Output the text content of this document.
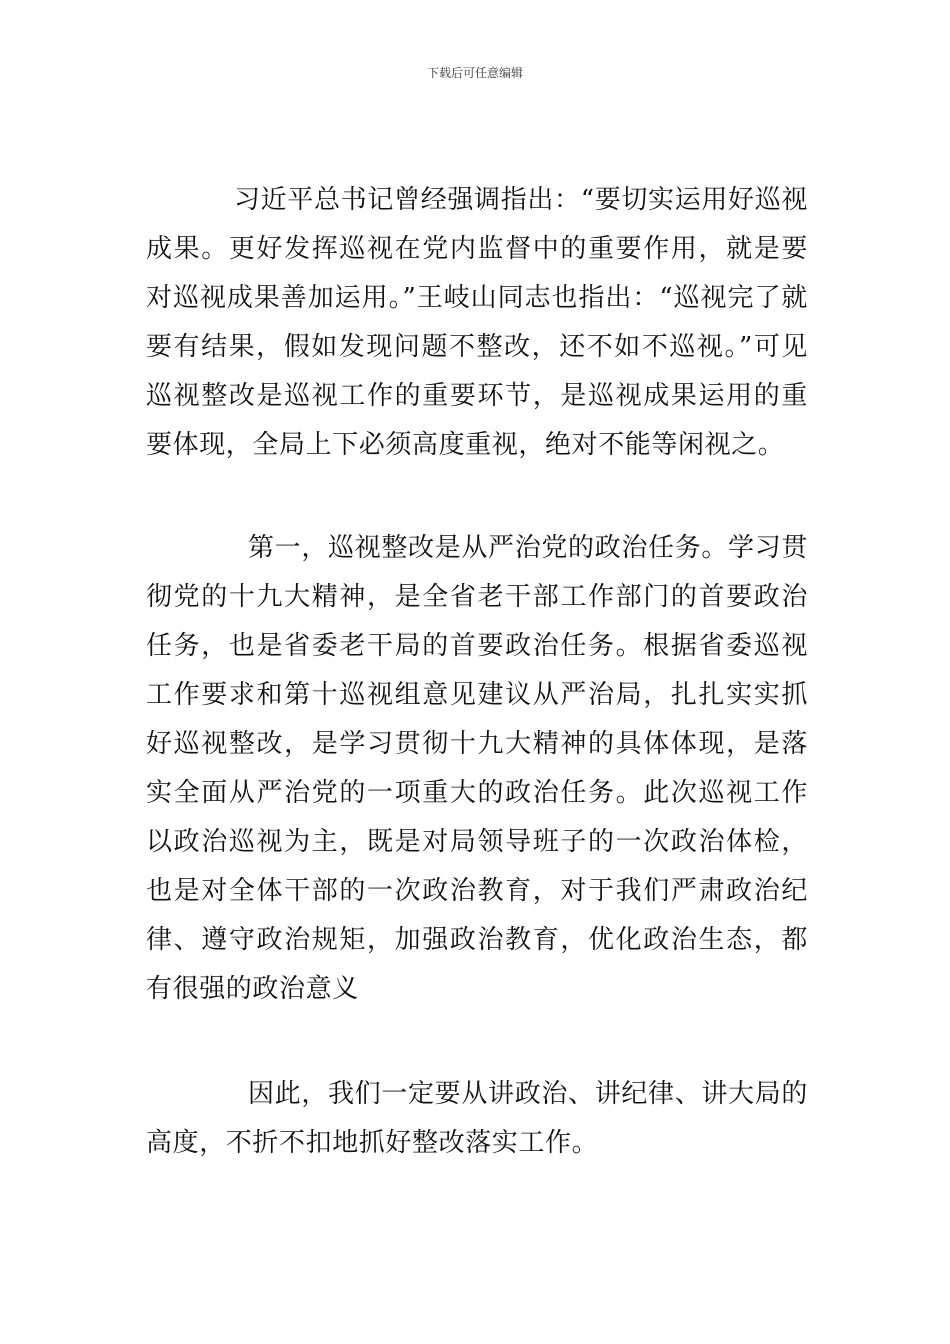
下载后可任意编辑

习近平总书记曾经强调指出：“要切实运用好巡视成果。更好发挥巡视在党内监督中的重要作用，就是要对巡视成果善加运用。”王岐山同志也指出：“巡视完了就要有结果，假如发现问题不整改，还不如不巡视。”可见巡视整改是巡视工作的重要环节，是巡视成果运用的重要体现，全局上下必须高度重视，绝对不能等闲视之。

第一，巡视整改是从严治党的政治任务。学习贯彻党的十九大精神，是全省老干部工作部门的首要政治任务，也是省委老干局的首要政治任务。根据省委巡视工作要求和第十巡视组意见建议从严治局，扎扎实实抓好巡视整改，是学习贯彻十九大精神的具体体现，是落实全面从严治党的一项重大的政治任务。此次巡视工作以政治巡视为主，既是对局领导班子的一次政治体检，也是对全体干部的一次政治教育，对于我们严肃政治纪律、遵守政治规矩，加强政治教育，优化政治生态，都有很强的政治意义

因此，我们一定要从讲政治、讲纪律、讲大局的高度，不折不扣地抓好整改落实工作。
